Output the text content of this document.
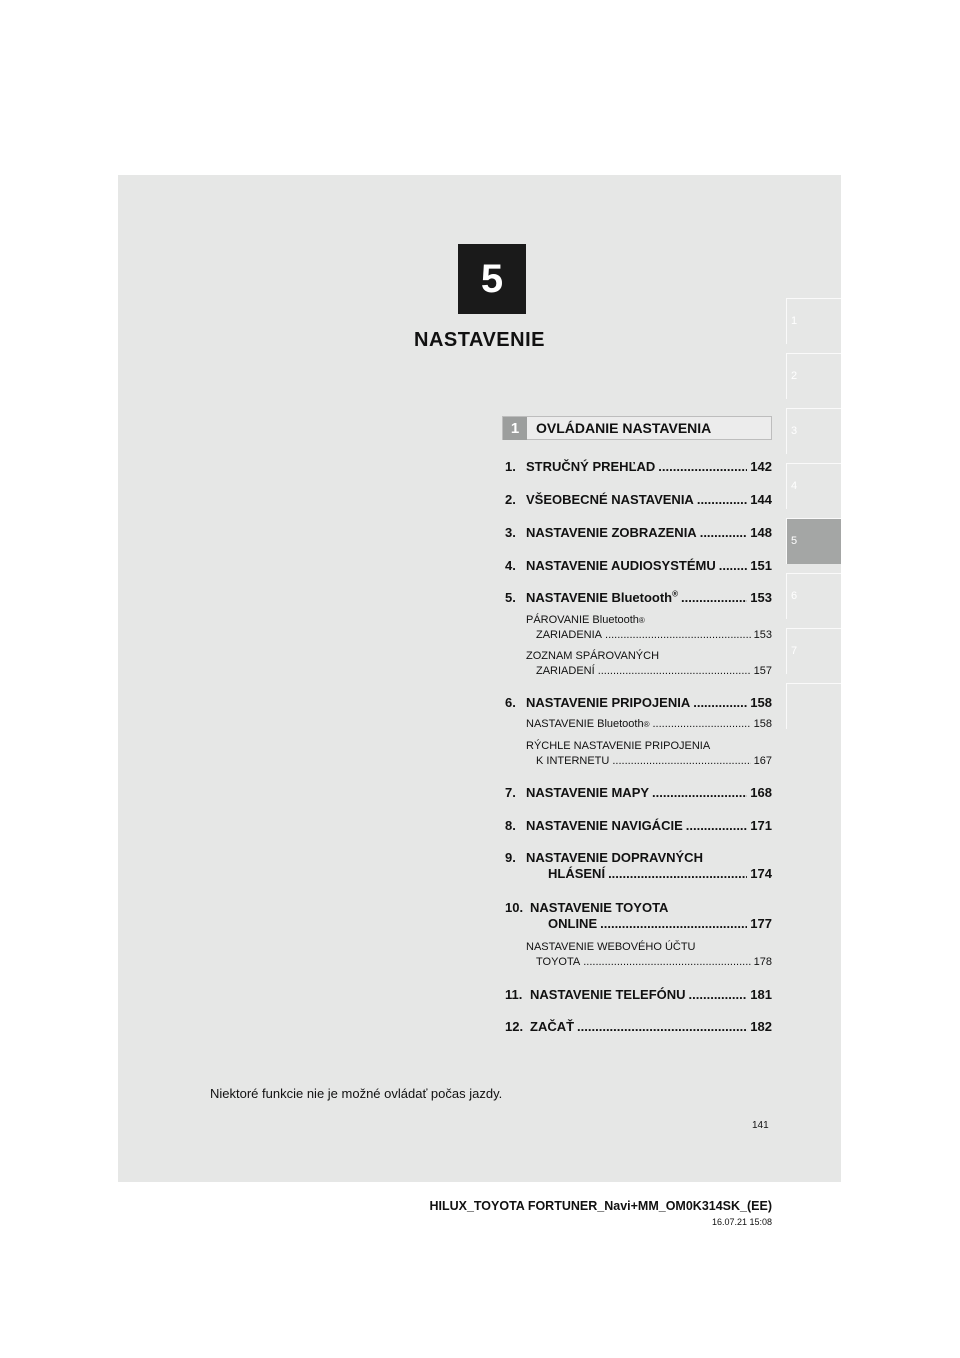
5
NASTAVENIE
1
2
3
4
5
6
7
1	OVLÁDANIE NASTAVENIA
1. STRUČNÝ PREHĽAD .....	142
2. VŠEOBECNÉ NASTAVENIA .....	144
3. NASTAVENIE ZOBRAZENIA .....	148
4. NASTAVENIE AUDIOSYSTÉMU .....	151
5. NASTAVENIE Bluetooth® .....	153
PÁROVANIE Bluetooth ®
ZARIADENIA .....	153
ZOZNAM SPÁROVANÝCH
ZARIADENÍ .....	157
6. NASTAVENIE PRIPOJENIA .....	158
NASTAVENIE Bluetooth ® .....	158
RÝCHLE NASTAVENIE PRIPOJENIA
K INTERNETU .....	167
7. NASTAVENIE MAPY .....	168
8. NASTAVENIE NAVIGÁCIE .....	171
9. NASTAVENIE DOPRAVNÝCH
HLÁSENÍ .....	174
10. NASTAVENIE TOYOTA
ONLINE .....	177
NASTAVENIE WEBOVÉHO ÚČTU
TOYOTA .....	178
11. NASTAVENIE TELEFÓNU .....	181
12. ZAČAŤ .....	182
Niektoré funkcie nie je možné ovládať počas jazdy.
141
HILUX_TOYOTA FORTUNER_Navi+MM_OM0K314SK_(EE)
16.07.21 15:08
